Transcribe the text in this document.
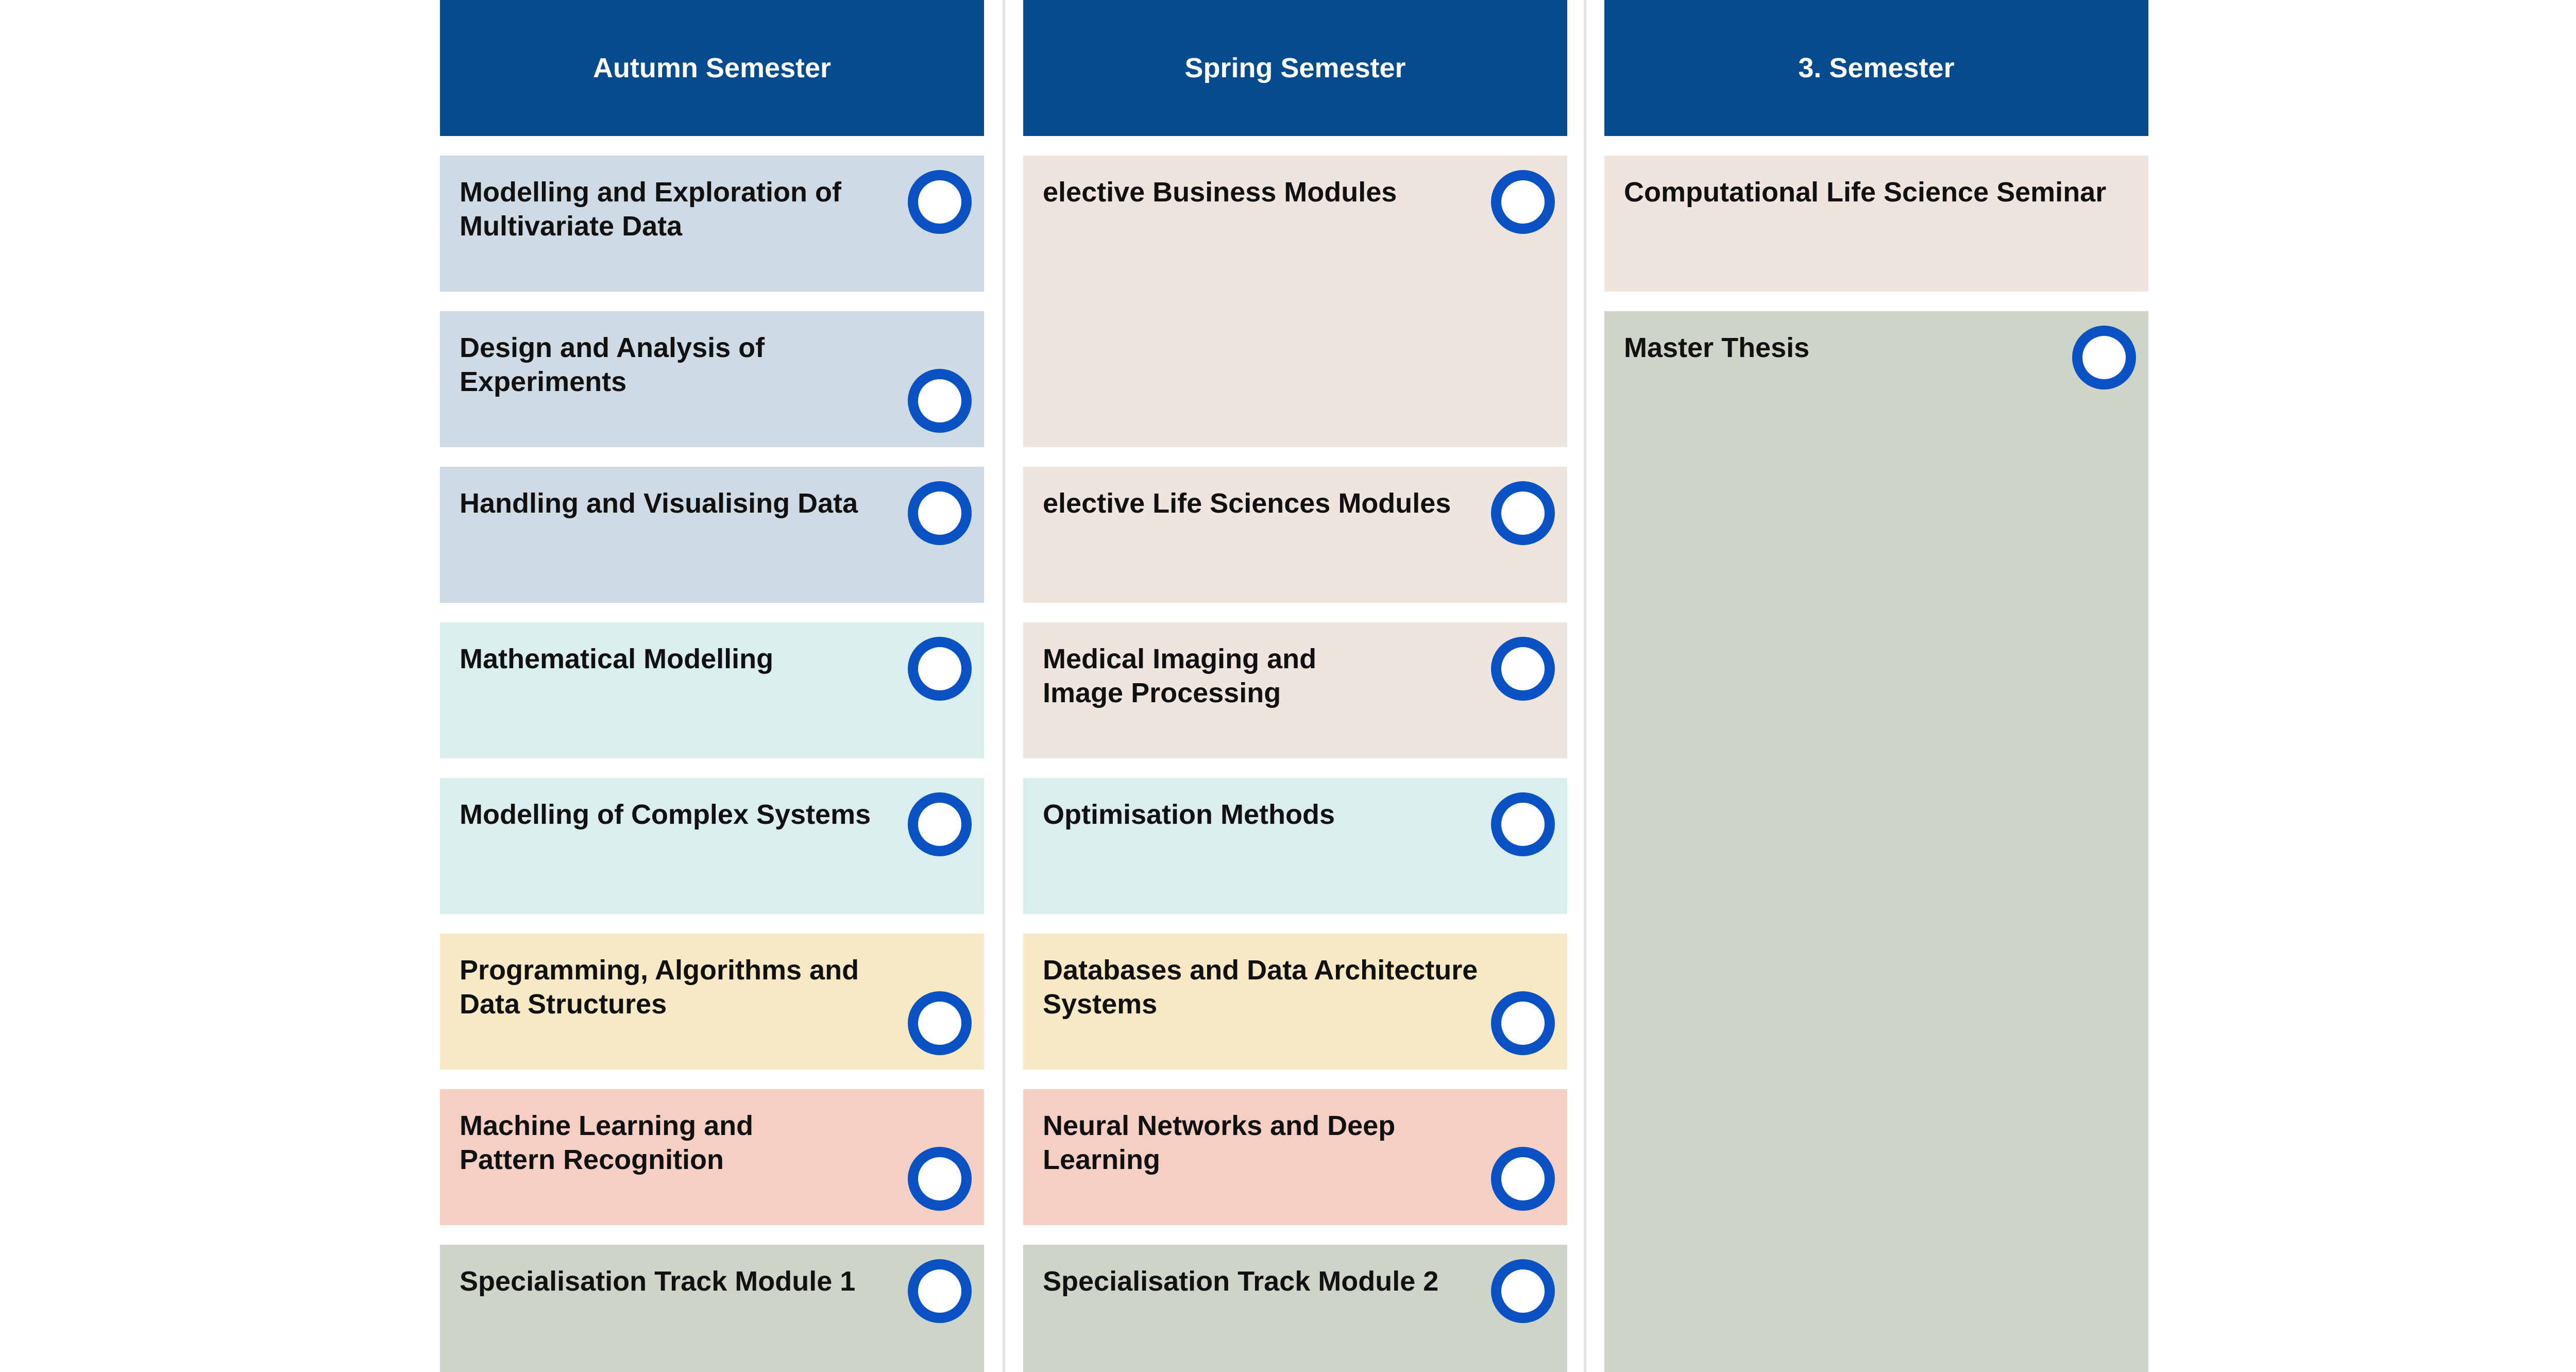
Autumn Semester
Modelling and Exploration of
Multivariate Data
Design and Analysis of Experiments
Handling and Visualising Data
Mathematical Modelling
Modelling of Complex Systems
Programming, Algorithms and
Data Structures
Machine Learning and
Pattern Recognition
Specialisation Track Module 1
Spring Semester
elective Business Modules
elective Life Sciences Modules
Medical Imaging and
Image Processing
Optimisation Methods
Databases and Data Architecture
Systems
Neural Networks and Deep Learning
Specialisation Track Module 2
3. Semester
Computational Life Science Seminar
Master Thesis
